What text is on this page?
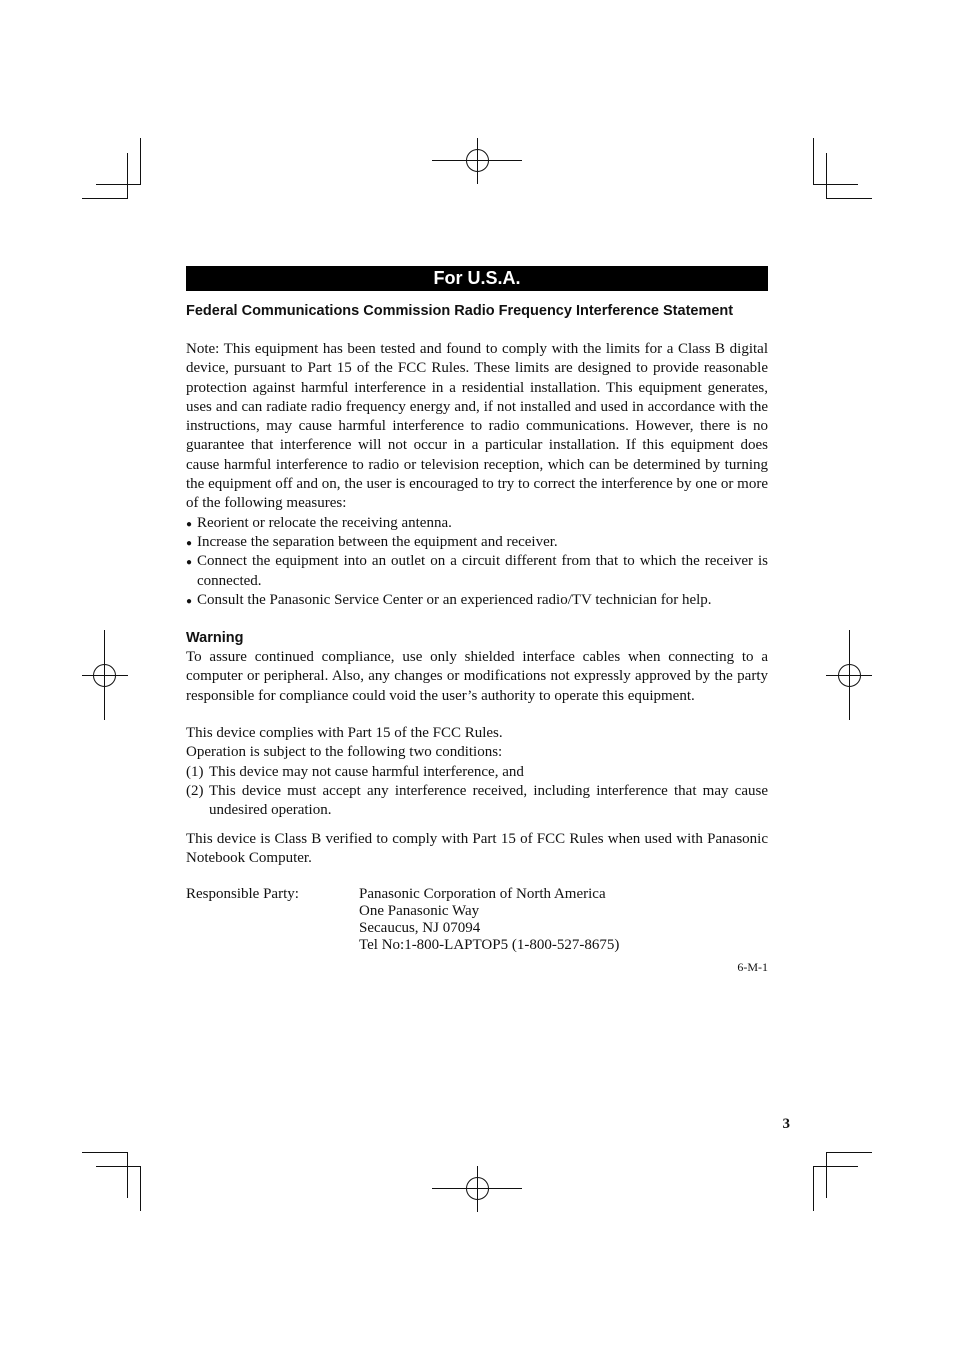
For U.S.A.
Federal Communications Commission Radio Frequency Interference Statement

Note: This equipment has been tested and found to comply with the limits for a Class B digital device, pursuant to Part 15 of the FCC Rules. These limits are designed to provide reasonable protection against harmful interference in a residential installation. This equipment generates, uses and can radiate radio frequency energy and, if not installed and used in accordance with the instructions, may cause harmful interference to radio communications. However, there is no guarantee that interference will not occur in a particular installation. If this equipment does cause harmful interference to radio or television reception, which can be determined by turning the equipment off and on, the user is encouraged to try to correct the interference by one or more of the following measures:

● Reorient or relocate the receiving antenna.
● Increase the separation between the equipment and receiver.
● Connect the equipment into an outlet on a circuit different from that to which the receiver is connected.
● Consult the Panasonic Service Center or an experienced radio/TV technician for help.
Warning

To assure continued compliance, use only shielded interface cables when connecting to a computer or peripheral. Also, any changes or modifications not expressly approved by the party responsible for compliance could void the user’s authority to operate this equipment.

This device complies with Part 15 of the FCC Rules.

Operation is subject to the following two conditions:

(1) This device may not cause harmful interference, and
(2) This device must accept any interference received, including interference that may cause undesired operation.

This device is Class B verified to comply with Part 15 of FCC Rules when used with Panasonic Notebook Computer.

Responsible Party:	Panasonic Corporation of North America
One Panasonic Way
Secaucus, NJ 07094
Tel No:1-800-LAPTOP5 (1-800-527-8675)
6-M-1
3
